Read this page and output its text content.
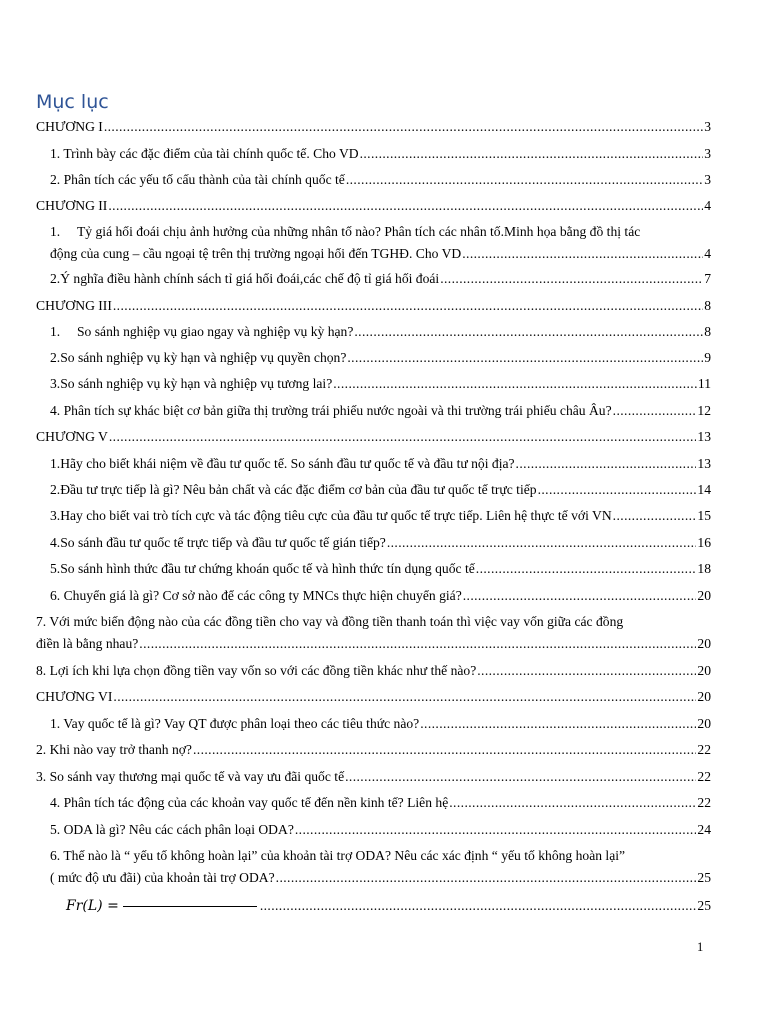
Mục lục
CHƯƠNG I .....	3
1. Trình bày các đặc điểm của tài chính quốc tế. Cho VD .....	3
2. Phân tích các yếu tố cấu thành của tài chính quốc tế .....	3
CHƯƠNG II .....	4
1. Tỷ giá hối đoái chịu ảnh hưởng của những nhân tố nào? Phân tích các nhân tố.Minh họa bằng đồ thị tác
động của cung – cầu ngoại tệ trên thị trường ngoại hối đến TGHĐ. Cho VD .....	4
2.Ý nghĩa điều hành chính sách tỉ giá hối đoái,các chế độ tỉ giá hối đoái .....	7
CHƯƠNG III .....	8
1. So sánh nghiệp vụ giao ngay và nghiệp vụ kỳ hạn? .....	8
2.So sánh nghiệp vụ kỳ hạn và nghiệp vụ quyền chọn? .....	9
3.So sánh nghiệp vụ kỳ hạn và nghiệp vụ tương lai? .....	11
4. Phân tích sự khác biệt cơ bản giữa thị trường trái phiếu nước ngoài và thi trường trái phiếu châu Âu? .....	12
CHƯƠNG V .....	13
1.Hãy cho biết khái niệm về đầu tư quốc tế. So sánh đầu tư quốc tế và đầu tư nội địa? .....	13
2.Đầu tư trực tiếp là gì? Nêu bản chất và các đặc điểm cơ bản của đầu tư quốc tế trực tiếp .....	14
3.Hay cho biết vai trò tích cực và tác động tiêu cực của đầu tư quốc tế trực tiếp. Liên hệ thực tế với VN .....	15
4.So sánh đầu tư quốc tế trực tiếp và đầu tư quốc tế gián tiếp? .....	16
5.So sánh hình thức đầu tư chứng khoán quốc tế và hình thức tín dụng quốc tế .....	18
6. Chuyển giá là gì? Cơ sở nào để các công ty MNCs thực hiện chuyển giá? .....	20
7. Với mức biến động nào của các đồng tiền cho vay và đồng tiền thanh toán thì việc vay vốn giữa các đồng
điền là bằng nhau? .....	20
8. Lợi ích khi lựa chọn đồng tiền vay vốn so với các đồng tiền khác như thế nào? .....	20
CHƯƠNG VI .....	20
1. Vay quốc tế là gì? Vay QT được phân loại theo các tiêu thức nào? .....	20
2. Khi nào vay trở thanh nợ? .....	22
3. So sánh vay thương mại quốc tế và vay ưu đãi quốc tế .....	22
4. Phân tích tác động của các khoản vay quốc tế đến nền kinh tế? Liên hệ .....	22
5. ODA là gì? Nêu các cách phân loại ODA? .....	24
6. Thế nào là “ yếu tố không hoàn lại” của khoản tài trợ ODA? Nêu các xác định “ yếu tố không hoàn lại”
( mức độ ưu đãi) của khoản tài trợ ODA? .....	25
Fr(L) = .....	25
1
